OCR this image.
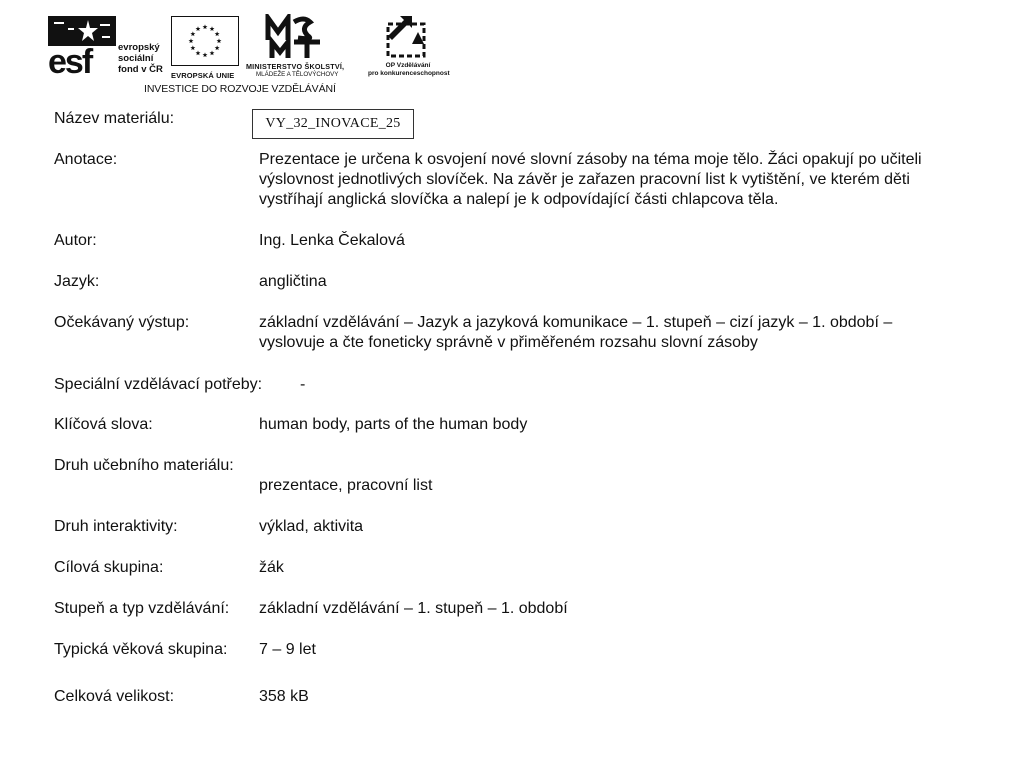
esf	evropský
sociální
fond v ČR
EVROPSKÁ UNIE
MINISTERSTVO ŠKOLSTVÍ,
MLÁDEŽE A TĚLOVÝCHOVY
OP Vzdělávání
pro konkurenceschopnost
INVESTICE DO ROZVOJE VZDĚLÁVÁNÍ
Název materiálu:	VY_32_INOVACE_25
Anotace:	Prezentace je určena k osvojení nové slovní zásoby na téma moje tělo. Žáci opakují po učiteli
výslovnost jednotlivých slovíček. Na závěr je zařazen pracovní list k vytištění, ve kterém děti
vystříhají anglická slovíčka a nalepí je k odpovídající části chlapcova těla.
Autor:	Ing. Lenka Čekalová
Jazyk:	angličtina
Očekávaný výstup:	základní vzdělávání – Jazyk a jazyková komunikace – 1. stupeň – cizí jazyk – 1. období –
vyslovuje a čte foneticky správně v přiměřeném rozsahu slovní zásoby
Speciální vzdělávací potřeby: -
Klíčová slova:	human body, parts of the human body
Druh učebního materiálu:
prezentace, pracovní list
Druh interaktivity:	výklad, aktivita
Cílová skupina:	žák
Stupeň a typ vzdělávání: základní vzdělávání – 1. stupeň – 1. období
Typická věková skupina: 7 – 9 let
Celková velikost:	358 kB
